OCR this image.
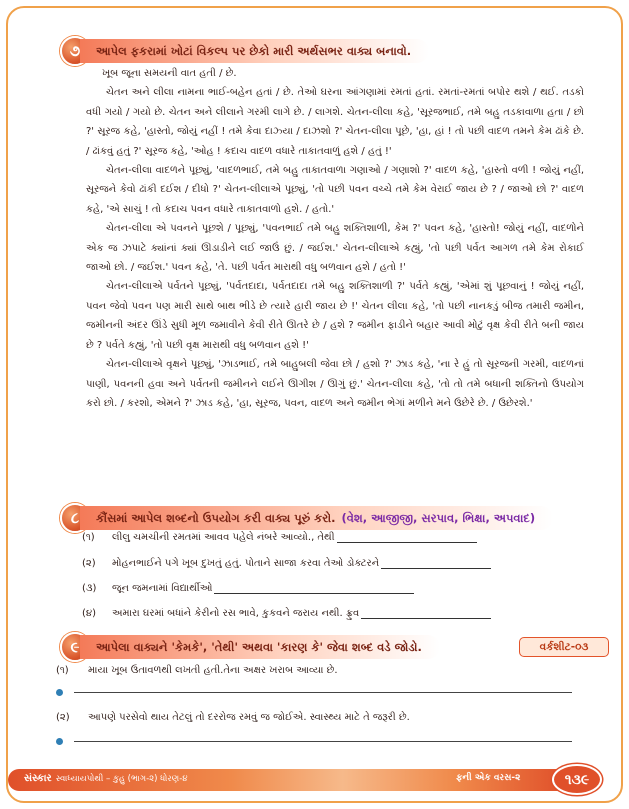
૭	આપેલ ફકરામાં ખોટાં વિકલ્પ પર છેકો મારી અર્થસભર વાક્ય બનાવો.

ખૂબ જૂના સમયની વાત હતી / છે.

ચેતન અને લીલા નામના ભાઈ-બહેન હતાં / છે. તેઓ ઘરના આંગણામાં રમતાં હતાં. રમતાં-રમતાં બપોર થશે / થઈ. તડકો વધી ગયો / ગયો છે. ચેતન અને લીલાને ગરમી લાગે છે. / લાગશે. ચેતન-લીલા કહે, 'સૂરજભાઈ, તમે બહુ તડકાવાળા હતા / છો ?' સૂરજ કહે, 'હાસ્તો, જોયું નહીં ! તમે કેવા દાઝ્યા / દાઝશો ?' ચેતન-લીલા પૂછે, 'હા, હાં ! તો પછી વાદળ તમને કેમ ઢાંકે છે. / ઢાંકવું હતું ?' સૂરજ કહે, 'ઓહ ! કદાચ વાદળ વધારે તાકાતવાળું હશે / હતું !'

ચેતન-લીલા વાદળને પૂછ્યું, 'વાદળભાઈ, તમે બહુ તાકાતવાળા ગણાઓ / ગણાશો ?' વાદળ કહે, 'હાસ્તો વળી ! જોયું નહીં, સૂરજને કેવો ઢાંકી દઈશ / દીધો ?' ચેતન-લીલાએ પૂછ્યું, 'તો પછી પવન વચ્ચે તમે કેમ વેરાઈ જાય છે ? / જાઓ છો ?' વાદળ કહે, 'એ સાચું ! તો કદાચ પવન વધારે તાકાતવાળો હશે. / હતો.'

ચેતન-લીલા એ પવનને પૂછશે / પૂછ્યું, 'પવનભાઈ તમે બહુ શક્તિશાળી, કેમ ?' પવન કહે, 'હાસ્તો! જોયું નહીં, વાદળોને એક જ ઝપાટે ક્યાંનાં ક્યાં ઊડાડીને લઈ જાઉં છું. / જઈશ.' ચેતન-લીલાએ કહ્યું, 'તો પછી પર્વત આગળ તમે કેમ રોકાઈ જાઓ છો. / જઈશ.' પવન કહે, 'તે. પછી પર્વત મારાથી વધુ બળવાન હશે / હતો !'

ચેતન-લીલાએ પર્વતને પૂછ્યું, 'પર્વતદાદા, પર્વતદાદા તમે બહુ શક્તિશાળી ?' પર્વતે કહ્યું, 'એમાં શું પૂછવાનું ! જોયું નહીં, પવન જેવો પવન પણ મારી સાથે બાથ ભીડે છે ત્યારે હારી જાય છે !' ચેતન લીલા કહે, 'તો પછી નાનકડું બીજ તમારી જમીન, જમીનની અંદર ઊંડે સુધી મૂળ જમાવીને કેવી રીતે ઊતરે છે / હશે ? જમીન ફાડીને બહાર આવી મોટું વૃક્ષ કેવી રીતે બની જાય છે ? પર્વતે કહ્યું, 'તો પછી વૃક્ષ મારાથી વધુ બળવાન હશે !'

ચેતન-લીલાએ વૃક્ષને પૂછ્યું, 'ઝાડભાઈ, તમે બાહુબલી જેવા છો / હશો ?' ઝાડ કહે, 'ના રે હું તો સૂરજની ગરમી, વાદળનાં પાણી, પવનની હવા અને પર્વતની જમીનને લઈને ઊગીશ / ઊગું છું.' ચેતન-લીલા કહે, 'તો તો તમે બધાની શક્તિનો ઉપયોગ કરો છો. / કરશો, એમને ?' ઝાડ કહે, 'હા, સૂરજ, પવન, વાદળ અને જમીન ભેગાં મળીને મને ઉછેરે છે. / ઉછેરશે.'

૮	કૌંસમાં આપેલ શબ્દનો ઉપયોગ કરી વાક્ય પૂરું કરો. (વેશ, આજીજી, સરપાવ, ભિક્ષા, અપવાદ)
(૧)	લીલુ ચમચીની રમતમાં આવવ પહેલે નંબરે આવ્યો., તેથી
(૨)	મોહનભાઈને પગે ખૂબ દુખતું હતું. પોતાને સાજા કરવા તેઓ ડોક્ટરને
(૩)	જૂન જમનામાં વિદ્યાર્થીઓ
(૪)	અમારા ઘરમાં બધાંને કેરીનો રસ ભાવે, કુકવને જરાય નથી. ફ્રુવ
૯	આપેલા વાક્યને 'કેમકે', 'તેથી' અથવા 'કારણ કે' જેવા શબ્દ વડે જોડો.	વર્કશીટ-૦૩
(૧) માયા ખૂબ ઉતાવળથી લખતી હતી.તેના અક્ષર ખરાબ આવ્યા છે.
(૨) આપણે પરસેવો થાય તેટલું તો દરરોજ રમવું જ જોઈએ. સ્વાસ્થ્ય માટે તે જરૂરી છે.
સંસ્કાર સ્વાધ્યાયપોથી – કુહુ (ભાગ-૨) ધોરણ-૪	ફની એક વરસ-૨	૧૩૯
